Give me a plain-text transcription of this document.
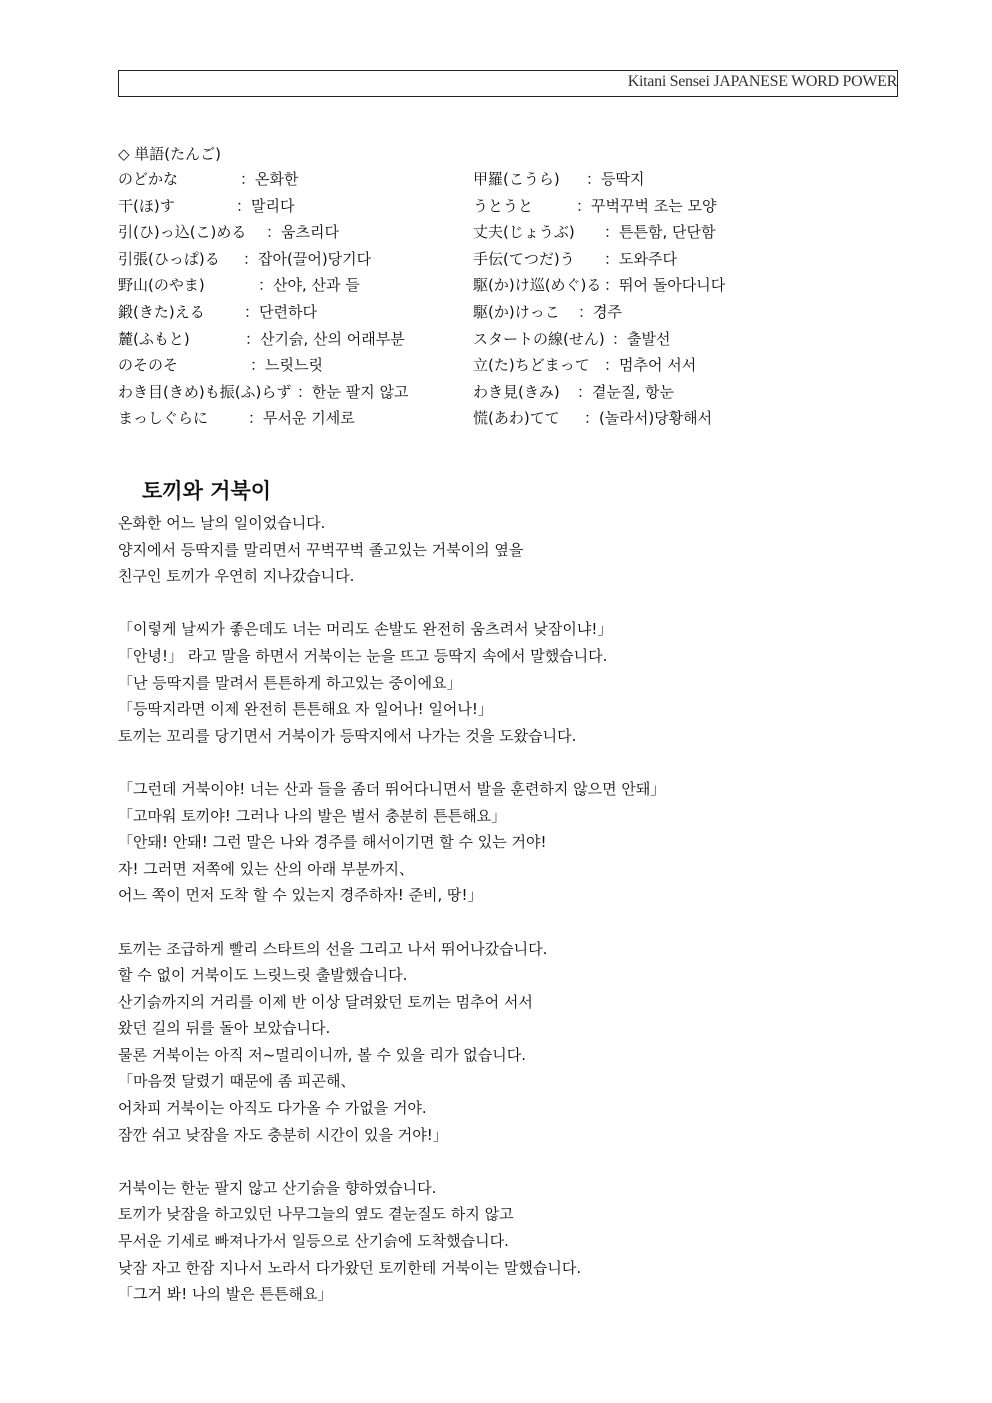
Kitani Sensei JAPANESE WORD POWER
◇ 単語(たんご)
のどかな	：온화한	甲羅(こうら) ：등딱지
干(ほ)す	：말리다	うとうと	：꾸벅꾸벅 조는 모양
引(ひ)っ込(こ)める ：움츠리다	丈夫(じょうぶ) ：튼튼함, 단단함
引張(ひっぱ)る ：잡아(끌어)당기다	手伝(てつだ)う ：도와주다
野山(のやま)	：산야, 산과 들	駆(か)け巡(めぐ)る ：뛰어 돌아다니다
鍛(きた)える	：단련하다	駆(か)けっこ ：경주
麓(ふもと)	：산기슭, 산의 어래부분	スタートの線(せん) ：출발선
のそのそ	：느릿느릿	立(た)ちどまって ：멈추어 서서
わき目(きめ)も振(ふ)らず ：한눈 팔지 않고	わき見(きみ) ：곁눈질, 항눈
まっしぐらに	：무서운 기세로	慌(あわ)てて ：(놀라서)당황해서
토끼와 거북이
온화한 어느 날의 일이었습니다.
양지에서 등딱지를 말리면서 꾸벅꾸벅 졸고있는 거북이의 옆을
친구인 토끼가 우연히 지나갔습니다.
「이렇게 날씨가 좋은데도 너는 머리도 손발도 완전히 움츠려서 낮잠이냐!」
「안녕!」 라고 말을 하면서 거북이는 눈을 뜨고 등딱지 속에서 말했습니다.
「난 등딱지를 말려서 튼튼하게 하고있는 중이에요」
「등딱지라면 이제 완전히 튼튼해요 자 일어나! 일어나!」
토끼는 꼬리를 당기면서 거북이가 등딱지에서 나가는 것을 도왔습니다.
「그런데 거북이야! 너는 산과 들을 좀더 뛰어다니면서 발을 훈련하지 않으면 안돼」
「고마워 토끼야! 그러나 나의 발은 벌서 충분히 튼튼해요」
「안돼! 안돼! 그런 말은 나와 경주를 해서이기면 할 수 있는 거야!
자! 그러면 저쪽에 있는 산의 아래 부분까지、
어느 쪽이 먼저 도착 할 수 있는지 경주하자! 준비, 땅!」
토끼는 조급하게 빨리 스타트의 선을 그리고 나서 뛰어나갔습니다.
할 수 없이 거북이도 느릿느릿 출발했습니다.
산기슭까지의 거리를 이제 반 이상 달려왔던 토끼는 멈추어 서서
왔던 길의 뒤를 돌아 보았습니다.
물론 거북이는 아직 저~멀리이니까, 볼 수 있을 리가 없습니다.
「마음껏 달렸기 때문에 좀 피곤해、
어차피 거북이는 아직도 다가올 수 가없을 거야.
잠깐 쉬고 낮잠을 자도 충분히 시간이 있을 거야!」
거북이는 한눈 팔지 않고 산기슭을 향하였습니다.
토끼가 낮잠을 하고있던 나무그늘의 옆도 곁눈질도 하지 않고
무서운 기세로 빠져나가서 일등으로 산기슭에 도착했습니다.
낮잠 자고 한잠 지나서 노라서 다가왔던 토끼한테 거북이는 말했습니다.
「그거 봐! 나의 발은 튼튼해요」
